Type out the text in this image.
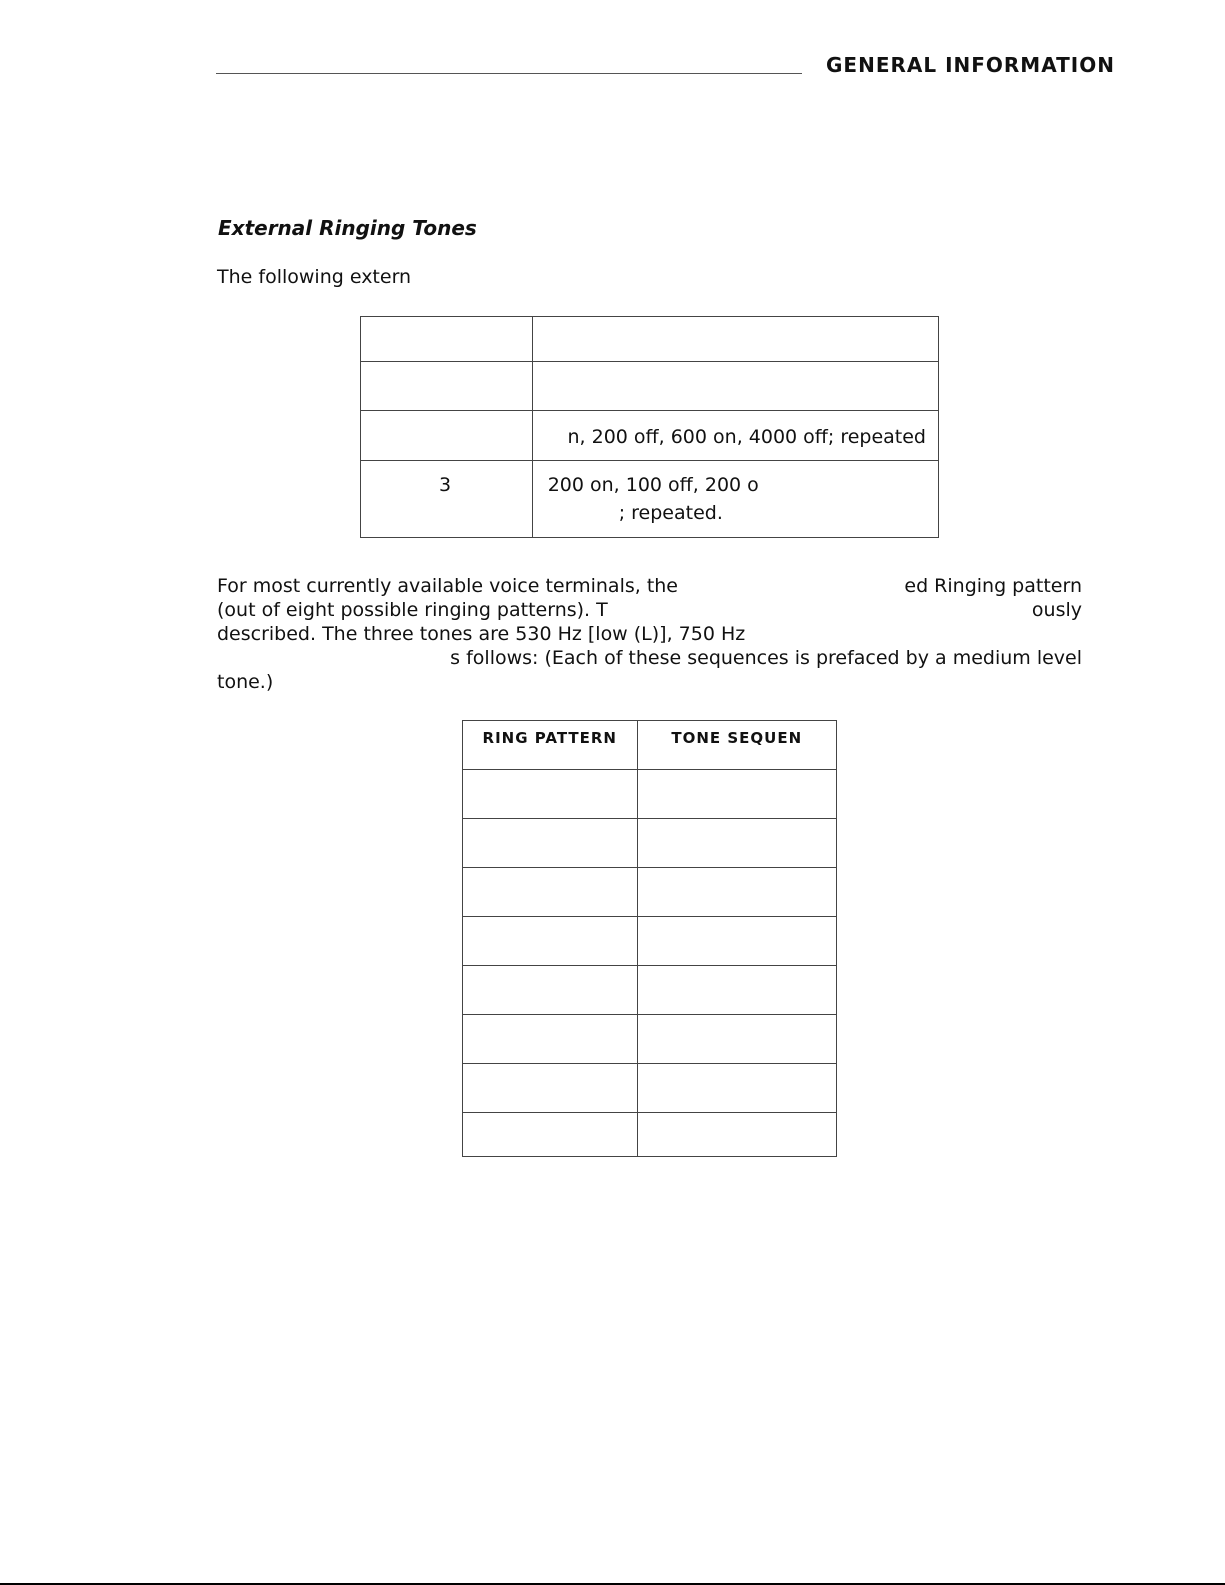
GENERAL INFORMATION
External Ringing Tones
The following extern

	n, 200 off, 600 on, 4000 off; repeated

3	200 on, 100 off, 200 o
; repeated.
For most currently available voice terminals, the	ed Ringing pattern
(out of eight possible ringing patterns). T	ously
described. The three tones are 530 Hz [low (L)], 750 Hz
s follows: (Each of these sequences is prefaced by a medium level
tone.)
RING PATTERN	TONE SEQUEN
